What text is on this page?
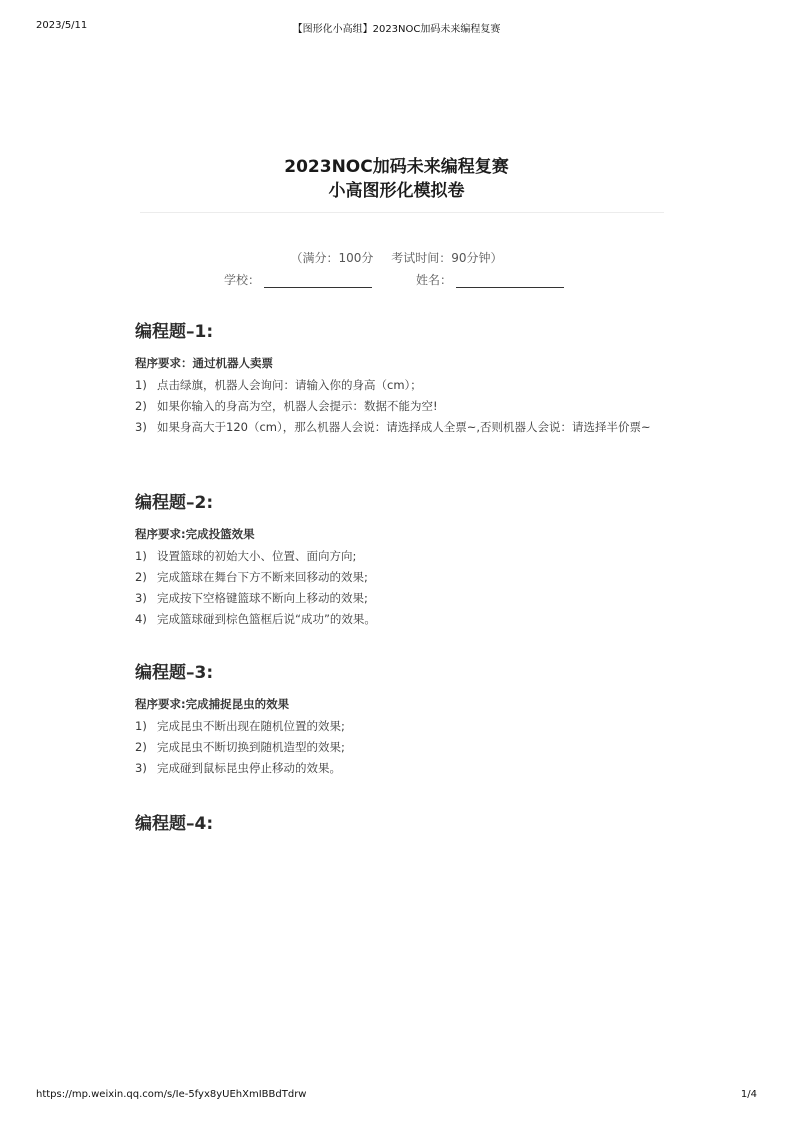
2023/5/11	【图形化小高组】2023NOC加码未来编程复赛
2023NOC加码未来编程复赛
小高图形化模拟卷
（满分：100分 考试时间：90分钟）
学校：	姓名：
编程题–1:
程序要求：通过机器人卖票
1) 点击绿旗，机器人会询问：请输入你的身高（cm）；
2) 如果你输入的身高为空，机器人会提示：数据不能为空!
3) 如果身高大于120（cm），那么机器人会说：请选择成人全票~,否则机器人会说：请选择半价票~
编程题–2:
程序要求:完成投篮效果
1) 设置篮球的初始大小、位置、面向方向;
2) 完成篮球在舞台下方不断来回移动的效果;
3) 完成按下空格键篮球不断向上移动的效果;
4) 完成篮球碰到棕色篮框后说“成功”的效果。
编程题–3:
程序要求:完成捕捉昆虫的效果
1) 完成昆虫不断出现在随机位置的效果;
2) 完成昆虫不断切换到随机造型的效果;
3) 完成碰到鼠标昆虫停止移动的效果。
编程题–4:
https://mp.weixin.qq.com/s/Ie-5fyx8yUEhXmIBBdTdrw	1/4
